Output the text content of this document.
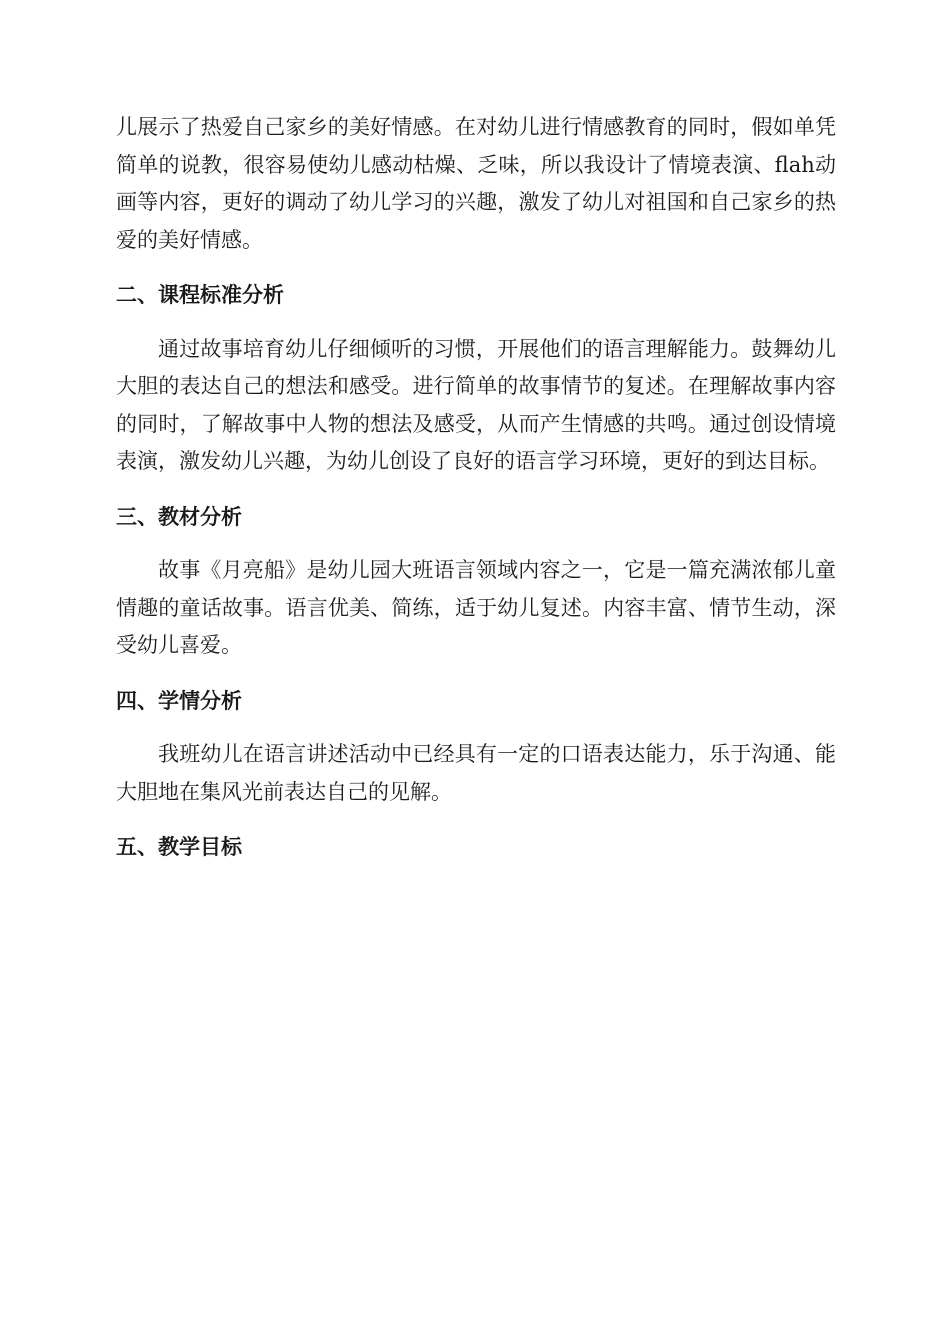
儿展示了热爱自己家乡的美好情感。在对幼儿进行情感教育的同时，假如单凭简单的说教，很容易使幼儿感动枯燥、乏味，所以我设计了情境表演、flah动画等内容，更好的调动了幼儿学习的兴趣，激发了幼儿对祖国和自己家乡的热爱的美好情感。

二、课程标准分析

通过故事培育幼儿仔细倾听的习惯，开展他们的语言理解能力。鼓舞幼儿大胆的表达自己的想法和感受。进行简单的故事情节的复述。在理解故事内容的同时，了解故事中人物的想法及感受，从而产生情感的共鸣。通过创设情境表演，激发幼儿兴趣，为幼儿创设了良好的语言学习环境，更好的到达目标。

三、教材分析

故事《月亮船》是幼儿园大班语言领域内容之一，它是一篇充满浓郁儿童情趣的童话故事。语言优美、简练，适于幼儿复述。内容丰富、情节生动，深受幼儿喜爱。

四、学情分析

我班幼儿在语言讲述活动中已经具有一定的口语表达能力，乐于沟通、能大胆地在集风光前表达自己的见解。

五、教学目标
